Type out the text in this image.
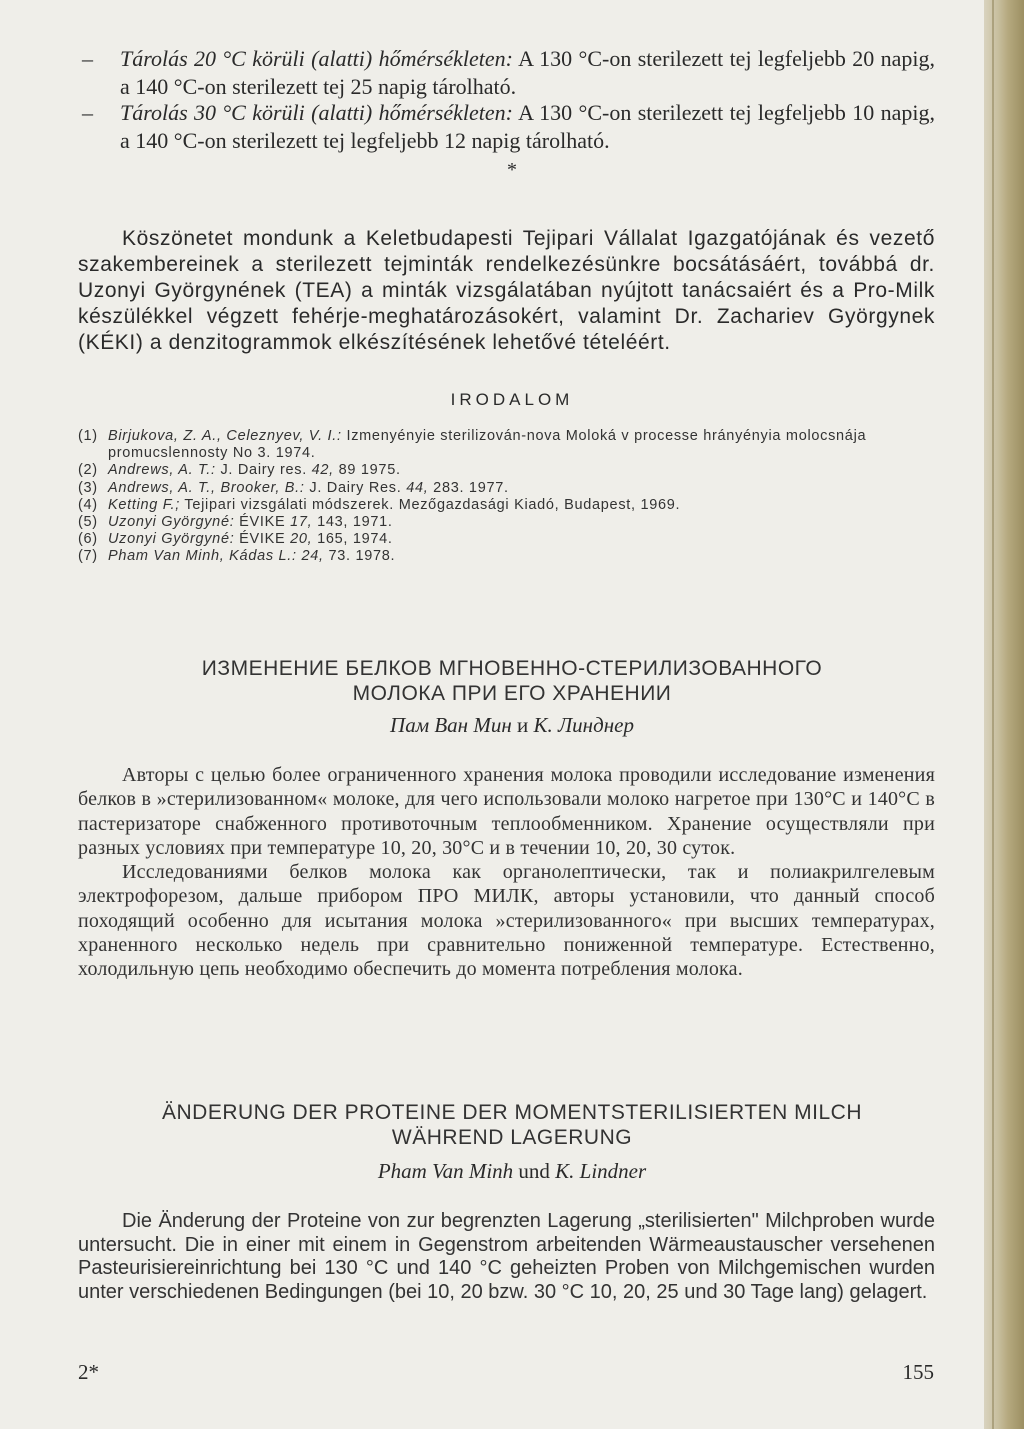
– Tárolás 20 °C körüli (alatti) hőmérsékleten: A 130 °C-on sterilezett tej legfeljebb 20 napig, a 140 °C-on sterilezett tej 25 napig tárolható.
– Tárolás 30 °C körüli (alatti) hőmérsékleten: A 130 °C-on sterilezett tej legfeljebb 10 napig, a 140 °C-on sterilezett tej legfeljebb 12 napig tárolható.
*
Köszönetet mondunk a Keletbudapesti Tejipari Vállalat Igazgatójának és vezető szakembereinek a sterilezett tejminták rendelkezésünkre bocsátásáért, továbbá dr. Uzonyi Györgynének (TEA) a minták vizsgálatában nyújtott tanácsaiért és a Pro-Milk készülékkel végzett fehérje-meghatározásokért, valamint Dr. Zachariev Györgynek (KÉKI) a denzitogrammok elkészítésének lehetővé tételéért.
IRODALOM
(1) Birjukova, Z. A., Celeznyev, V. I.: Izmenyényie sterilizován-nova Moloká v processe hrányényia molocsnája promucslennosty No 3. 1974.
(2) Andrews, A. T.: J. Dairy res. 42, 89 1975.
(3) Andrews, A. T., Brooker, B.: J. Dairy Res. 44, 283. 1977.
(4) Ketting F.; Tejipari vizsgálati módszerek. Mezőgazdasági Kiadó, Budapest, 1969.
(5) Uzonyi Györgyné: ÉVIKE 17, 143, 1971.
(6) Uzonyi Györgyné: ÉVIKE 20, 165, 1974.
(7) Pham Van Minh, Kádas L.: 24, 73. 1978.
ИЗМЕНЕНИЕ БЕЛКОВ МГНОВЕННО-СТЕРИЛИЗОВАННОГО
МОЛОКА ПРИ ЕГО ХРАНЕНИИ
Пам Ван Мин и К. Линднер

Авторы с целью более ограниченного хранения молока проводили исследование изменения белков в »стерилизованном« молоке, для чего использовали молоко нагретое при 130°С и 140°С в пастеризаторе снабженного противоточным теплообменником. Хранение осуществляли при разных условиях при температуре 10, 20, 30°С и в течении 10, 20, 30 суток.

Исследованиями белков молока как органолептически, так и полиакрилгелевым электрофорезом, дальше прибором ПРО МИЛК, авторы установили, что данный способ походящий особенно для исытания молока »стерилизованного« при высших температурах, храненного несколько недель при сравнительно пониженной температуре. Естественно, холодильную цепь необходимо обеспечить до момента потребления молока.

ÄNDERUNG DER PROTEINE DER MOMENTSTERILISIERTEN MILCH
WÄHREND LAGERUNG
Pham Van Minh und K. Lindner

Die Änderung der Proteine von zur begrenzten Lagerung „sterilisierten" Milchproben wurde untersucht. Die in einer mit einem in Gegenstrom arbeitenden Wärmeaustauscher versehenen Pasteurisiereinrichtung bei 130 °C und 140 °C geheizten Proben von Milchgemischen wurden unter verschiedenen Bedingungen (bei 10, 20 bzw. 30 °C 10, 20, 25 und 30 Tage lang) gelagert.

2*	155
